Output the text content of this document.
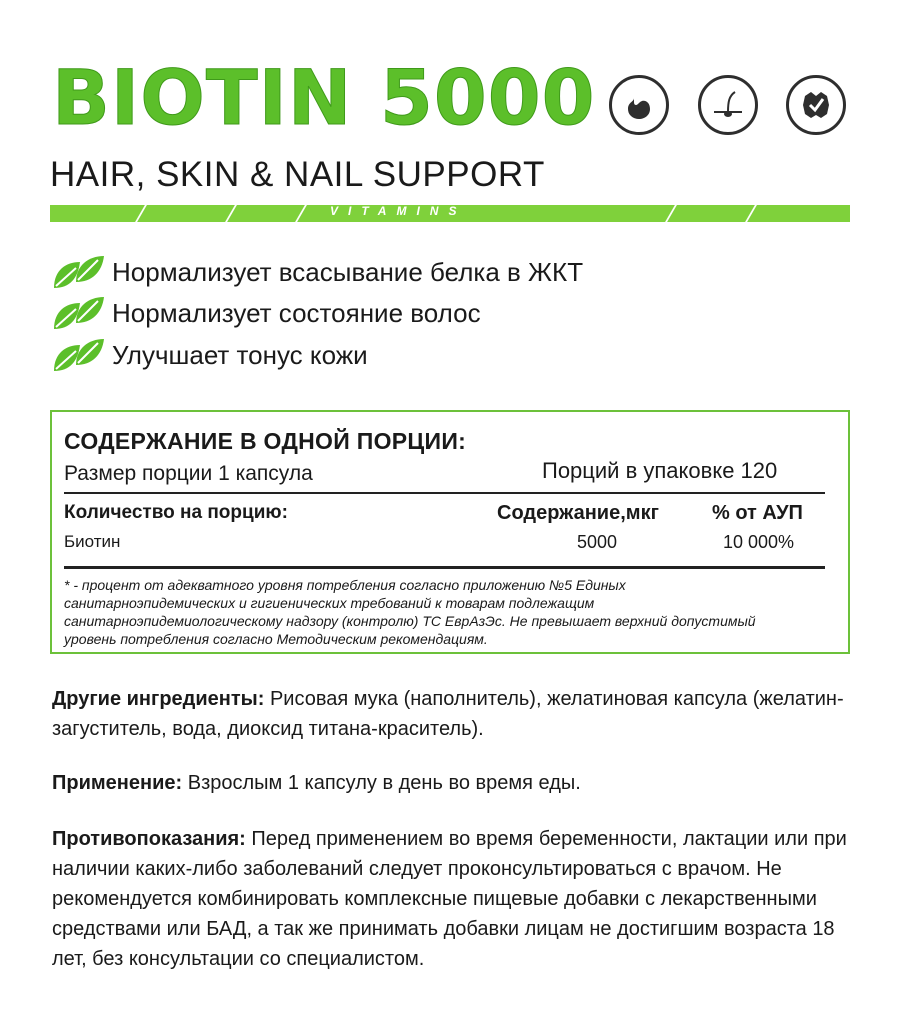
BIOTIN 5000
HAIR, SKIN & NAIL SUPPORT
VITAMINS
Нормализует всасывание белка в ЖКТ
Нормализует состояние волос
Улучшает тонус кожи
СОДЕРЖАНИЕ В ОДНОЙ ПОРЦИИ:
Размер порции 1 капсула	Порций в упаковке 120
Количество на порцию:	Содержание,мкг	% от АУП
Биотин	5000	10 000%
* - процент от адекватного уровня потребления согласно приложению №5 Единых санитарноэпидемических и гигиенических требований к товарам подлежащим санитарноэпидемиологическому надзору (контролю) ТС ЕврАзЭс. Не превышает верхний допустимый уровень потребления согласно Методическим рекомендациям.
Другие ингредиенты: Рисовая мука (наполнитель), желатиновая капсула (желатин-загуститель, вода, диоксид титана-краситель).
Применение: Взрослым 1 капсулу в день во время еды.
Противопоказания: Перед применением во время беременности, лактации или при наличии каких-либо заболеваний следует проконсультироваться с врачом. Не рекомендуется комбинировать комплексные пищевые добавки с лекарственными средствами или БАД, а так же принимать добавки лицам не достигшим возраста 18 лет, без консультации со специалистом.
